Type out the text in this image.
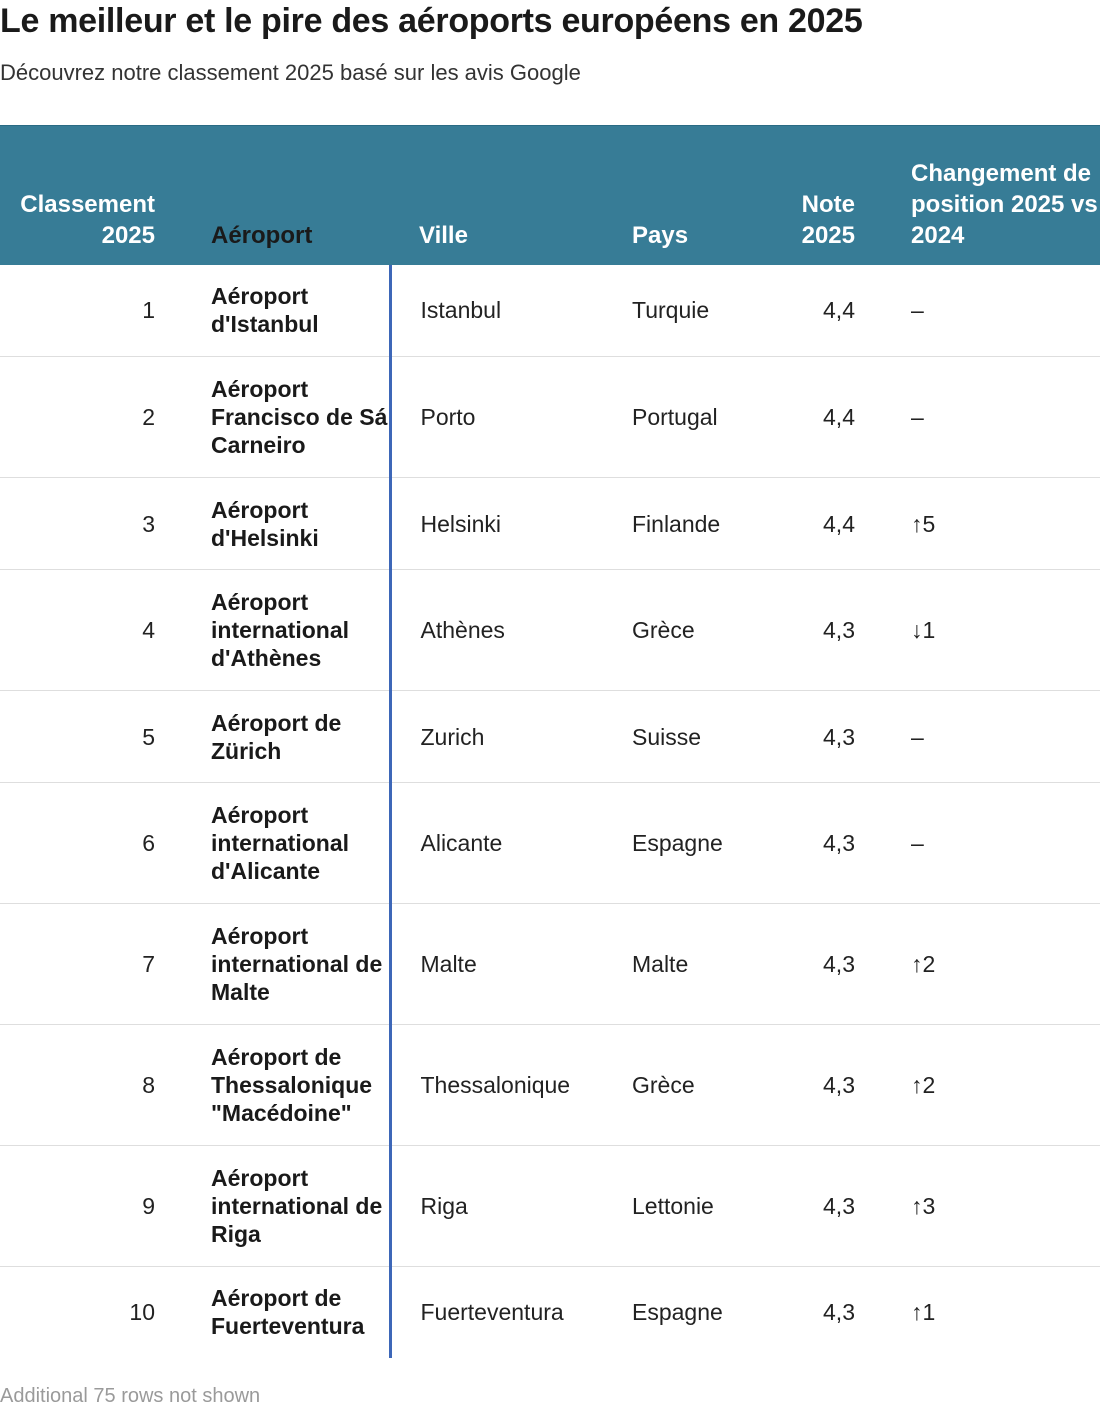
Le meilleur et le pire des aéroports européens en 2025

Découvrez notre classement 2025 basé sur les avis Google

Classement 2025	Aéroport	Ville	Pays	Note 2025	Changement de position 2025 vs 2024
1	Aéroport d'Istanbul	Istanbul	Turquie	4,4	–
2	Aéroport Francisco de Sá Carneiro	Porto	Portugal	4,4	–
3	Aéroport d'Helsinki	Helsinki	Finlande	4,4	↑5
4	Aéroport international d'Athènes	Athènes	Grèce	4,3	↓1
5	Aéroport de Zürich	Zurich	Suisse	4,3	–
6	Aéroport international d'Alicante	Alicante	Espagne	4,3	–
7	Aéroport international de Malte	Malte	Malte	4,3	↑2
8	Aéroport de Thessalonique "Macédoine"	Thessalonique	Grèce	4,3	↑2
9	Aéroport international de Riga	Riga	Lettonie	4,3	↑3
10	Aéroport de Fuerteventura	Fuerteventura	Espagne	4,3	↑1

Additional 75 rows not shown
